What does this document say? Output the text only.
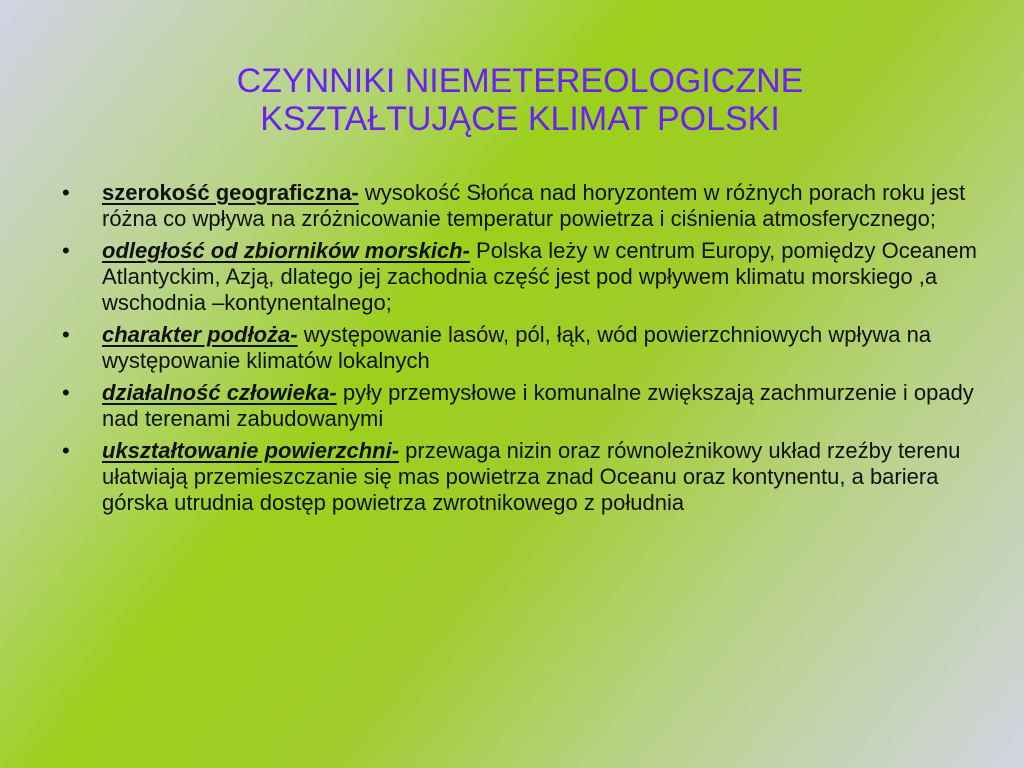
CZYNNIKI NIEMETEREOLOGICZNE
KSZTAŁTUJĄCE KLIMAT POLSKI
•	szerokość geograficzna- wysokość Słońca nad horyzontem w różnych porach roku jest różna co wpływa na zróżnicowanie temperatur powietrza i ciśnienia atmosferycznego;
•	odległość od zbiorników morskich- Polska leży w centrum Europy, pomiędzy Oceanem Atlantyckim, Azją, dlatego jej zachodnia część jest pod wpływem klimatu morskiego ,a wschodnia –kontynentalnego;
•	charakter podłoża- występowanie lasów, pól, łąk, wód powierzchniowych wpływa na występowanie klimatów lokalnych
•	działalność człowieka- pyły przemysłowe i komunalne zwiększają zachmurzenie i opady nad terenami zabudowanymi
•	ukształtowanie powierzchni- przewaga nizin oraz równoleżnikowy układ rzeźby terenu ułatwiają przemieszczanie się mas powietrza znad Oceanu oraz kontynentu, a bariera górska utrudnia dostęp powietrza zwrotnikowego z południa
